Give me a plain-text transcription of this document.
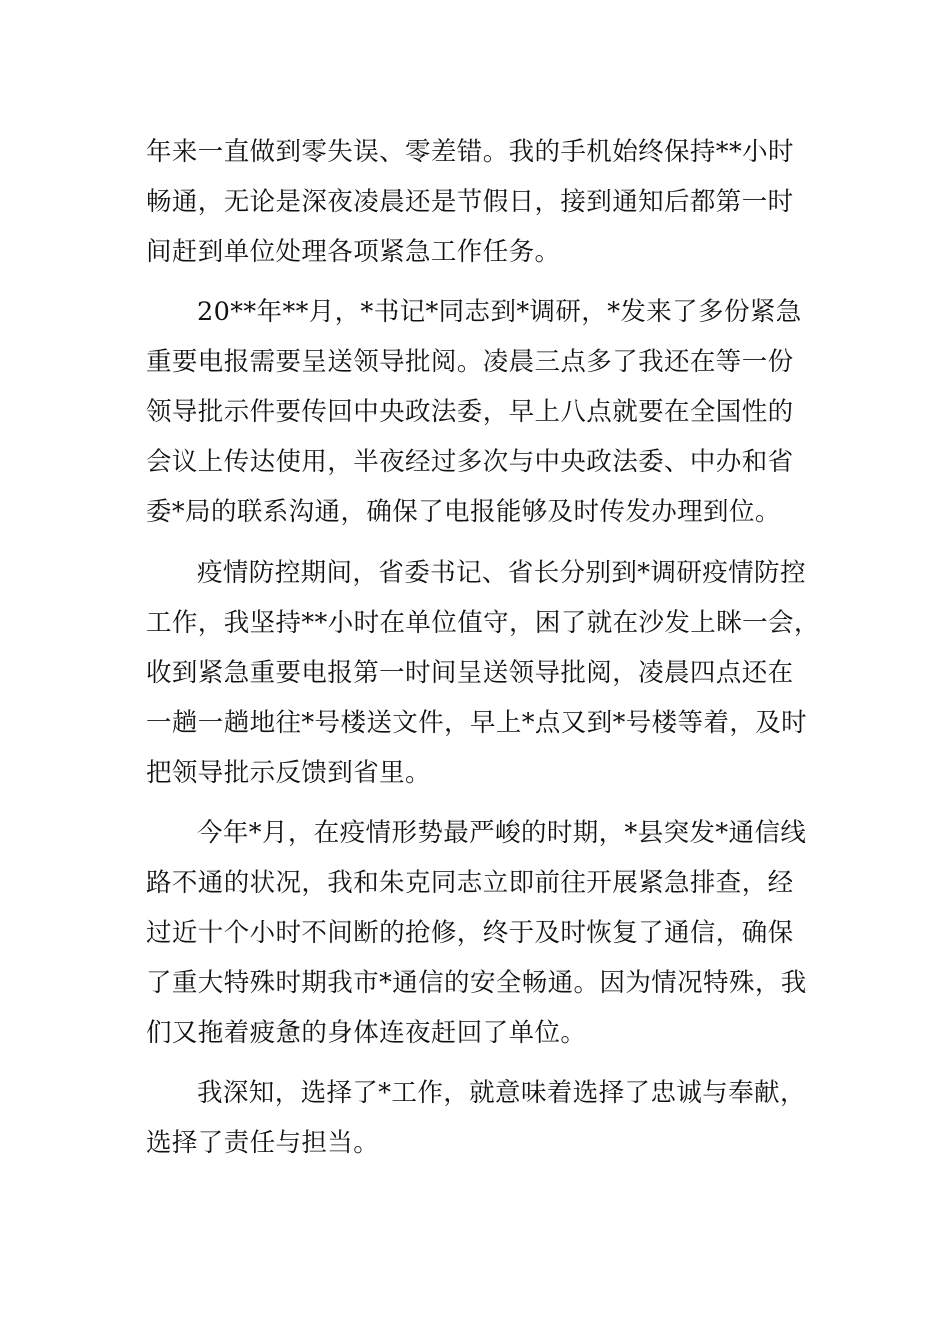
年来一直做到零失误、零差错。我的手机始终保持**小时
畅通，无论是深夜凌晨还是节假日，接到通知后都第一时
间赶到单位处理各项紧急工作任务。
20**年**月，*书记*同志到*调研，*发来了多份紧急
重要电报需要呈送领导批阅。凌晨三点多了我还在等一份
领导批示件要传回中央政法委，早上八点就要在全国性的
会议上传达使用，半夜经过多次与中央政法委、中办和省
委*局的联系沟通，确保了电报能够及时传发办理到位。
疫情防控期间，省委书记、省长分别到*调研疫情防控
工作，我坚持**小时在单位值守，困了就在沙发上眯一会，
收到紧急重要电报第一时间呈送领导批阅，凌晨四点还在
一趟一趟地往*号楼送文件，早上*点又到*号楼等着，及时
把领导批示反馈到省里。
今年*月，在疫情形势最严峻的时期，*县突发*通信线
路不通的状况，我和朱克同志立即前往开展紧急排查，经
过近十个小时不间断的抢修，终于及时恢复了通信，确保
了重大特殊时期我市*通信的安全畅通。因为情况特殊，我
们又拖着疲惫的身体连夜赶回了单位。
我深知，选择了*工作，就意味着选择了忠诚与奉献，
选择了责任与担当。
